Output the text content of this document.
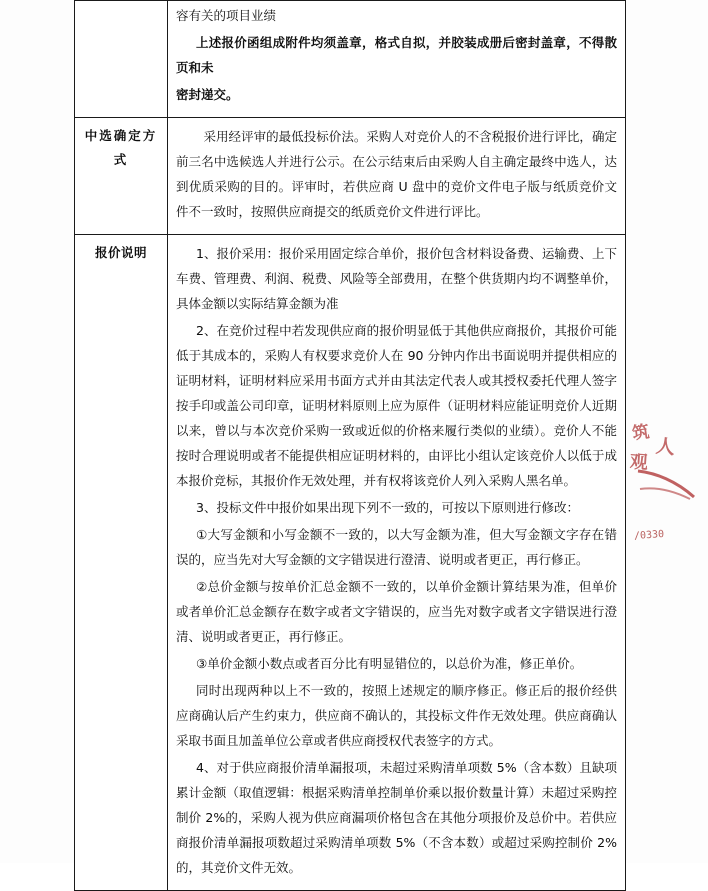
	容有关的项目业绩

上述报价函组成附件均须盖章，格式自拟，并胶装成册后密封盖章，不得散页和未

密封递交。

中选确定方式	采用经评审的最低投标价法。采购人对竞价人的不含税报价进行评比，确定前三名中选候选人并进行公示。在公示结束后由采购人自主确定最终中选人，达到优质采购的目的。评审时，若供应商 U 盘中的竞价文件电子版与纸质竞价文件不一致时，按照供应商提交的纸质竞价文件进行评比。

报价说明	1、报价采用：报价采用固定综合单价，报价包含材料设备费、运输费、上下车费、管理费、利润、税费、风险等全部费用，在整个供货期内均不调整单价，具体金额以实际结算金额为准

2、在竞价过程中若发现供应商的报价明显低于其他供应商报价，其报价可能低于其成本的，采购人有权要求竞价人在 90 分钟内作出书面说明并提供相应的证明材料，证明材料应采用书面方式并由其法定代表人或其授权委托代理人签字按手印或盖公司印章，证明材料原则上应为原件（证明材料应能证明竞价人近期以来，曾以与本次竞价采购一致或近似的价格来履行类似的业绩）。竞价人不能按时合理说明或者不能提供相应证明材料的，由评比小组认定该竞价人以低于成本报价竞标，其报价作无效处理，并有权将该竞价人列入采购人黑名单。

3、投标文件中报价如果出现下列不一致的，可按以下原则进行修改：

①大写金额和小写金额不一致的，以大写金额为准，但大写金额文字存在错误的，应当先对大写金额的文字错误进行澄清、说明或者更正，再行修正。

②总价金额与按单价汇总金额不一致的，以单价金额计算结果为准，但单价或者单价汇总金额存在数字或者文字错误的，应当先对数字或者文字错误进行澄清、说明或者更正，再行修正。

③单价金额小数点或者百分比有明显错位的，以总价为准，修正单价。

同时出现两种以上不一致的，按照上述规定的顺序修正。修正后的报价经供应商确认后产生约束力，供应商不确认的，其投标文件作无效处理。供应商确认采取书面且加盖单位公章或者供应商授权代表签字的方式。

4、对于供应商报价清单漏报项，未超过采购清单项数 5%（含本数）且缺项累计金额（取值逻辑：根据采购清单控制单价乘以报价数量计算）未超过采购控制价 2%的，采购人视为供应商漏项价格包含在其他分项报价及总价中。若供应商报价清单漏报项数超过采购清单项数 5%（不含本数）或超过采购控制价 2%的，其竞价文件无效。

筑
人
观
/0330
